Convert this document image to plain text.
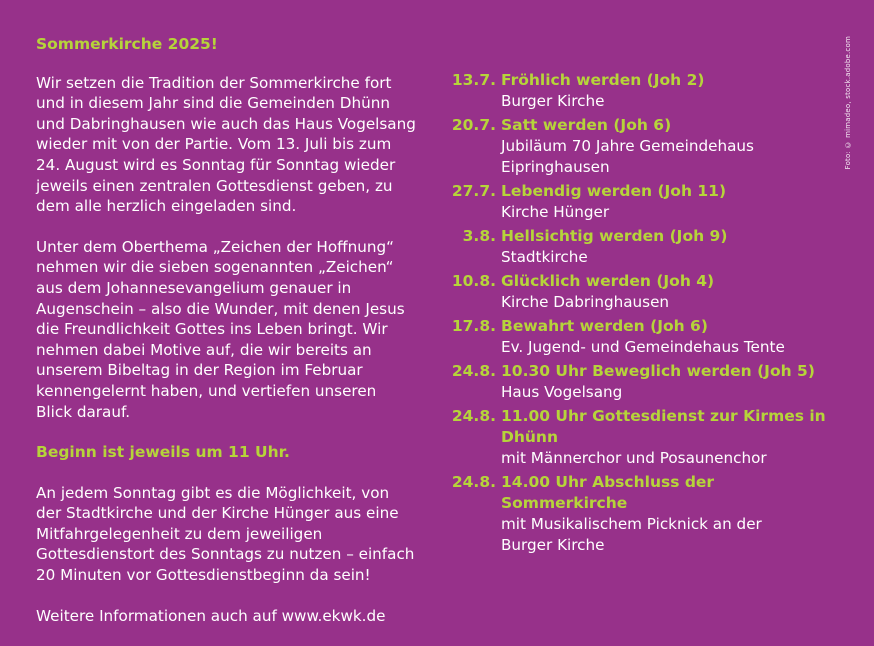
Sommerkirche 2025!
Wir setzen die Tradition der Sommerkirche fort und in diesem Jahr sind die Gemeinden Dhünn und Dabringhausen wie auch das Haus Vogelsang wieder mit von der Partie. Vom 13. Juli bis zum 24. August wird es Sonntag für Sonntag wieder jeweils einen zentralen Gottesdienst geben, zu dem alle herzlich eingeladen sind.
Unter dem Oberthema „Zeichen der Hoffnung“ nehmen wir die sieben sogenannten „Zeichen“ aus dem Johannesevangelium genauer in Augenschein – also die Wunder, mit denen Jesus die Freundlichkeit Gottes ins Leben bringt. Wir nehmen dabei Motive auf, die wir bereits an unserem Bibeltag in der Region im Februar kennengelernt haben, und vertiefen unseren Blick darauf.
Beginn ist jeweils um 11 Uhr.
An jedem Sonntag gibt es die Möglichkeit, von der Stadtkirche und der Kirche Hünger aus eine Mitfahrgelegenheit zu dem jeweiligen Gottesdienstort des Sonntags zu nutzen – einfach 20 Minuten vor Gottesdienstbeginn da sein!
Weitere Informationen auch auf www.ekwk.de
13.7. Fröhlich werden (Joh 2)
Burger Kirche
20.7. Satt werden (Joh 6)
Jubiläum 70 Jahre Gemeindehaus
Eipringhausen
27.7. Lebendig werden (Joh 11)
Kirche Hünger
3.8. Hellsichtig werden (Joh 9)
Stadtkirche
10.8. Glücklich werden (Joh 4)
Kirche Dabringhausen
17.8. Bewahrt werden (Joh 6)
Ev. Jugend- und Gemeindehaus Tente
24.8. 10.30 Uhr Beweglich werden (Joh 5)
Haus Vogelsang
24.8. 11.00 Uhr Gottesdienst zur Kirmes in Dhünn
mit Männerchor und Posaunenchor
24.8. 14.00 Uhr Abschluss der Sommerkirche
mit Musikalischem Picknick an der
Burger Kirche
Foto: © mimadeo, stock.adobe.com
